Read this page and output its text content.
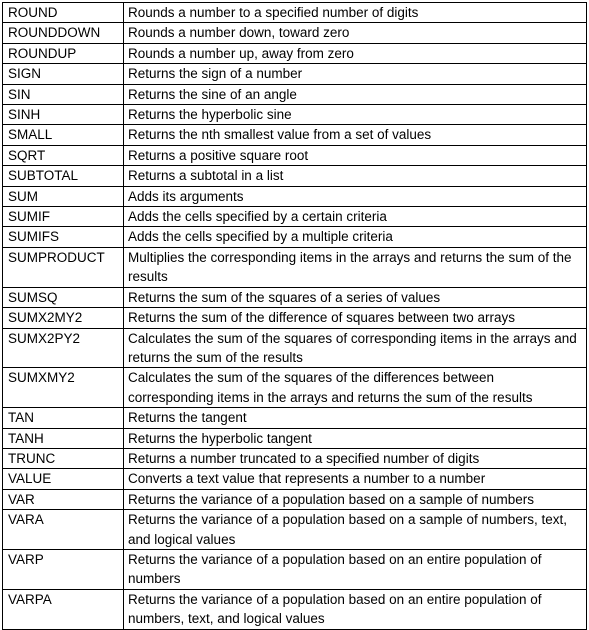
ROUND	Rounds a number to a specified number of digits
ROUNDDOWN	Rounds a number down, toward zero
ROUNDUP	Rounds a number up, away from zero
SIGN	Returns the sign of a number
SIN	Returns the sine of an angle
SINH	Returns the hyperbolic sine
SMALL	Returns the nth smallest value from a set of values
SQRT	Returns a positive square root
SUBTOTAL	Returns a subtotal in a list
SUM	Adds its arguments
SUMIF	Adds the cells specified by a certain criteria
SUMIFS	Adds the cells specified by a multiple criteria
SUMPRODUCT	Multiplies the corresponding items in the arrays and returns the sum of the results
SUMSQ	Returns the sum of the squares of a series of values
SUMX2MY2	Returns the sum of the difference of squares between two arrays
SUMX2PY2	Calculates the sum of the squares of corresponding items in the arrays and returns the sum of the results
SUMXMY2	Calculates the sum of the squares of the differences between corresponding items in the arrays and returns the sum of the results
TAN	Returns the tangent
TANH	Returns the hyperbolic tangent
TRUNC	Returns a number truncated to a specified number of digits
VALUE	Converts a text value that represents a number to a number
VAR	Returns the variance of a population based on a sample of numbers
VARA	Returns the variance of a population based on a sample of numbers, text, and logical values
VARP	Returns the variance of a population based on an entire population of numbers
VARPA	Returns the variance of a population based on an entire population of numbers, text, and logical values
